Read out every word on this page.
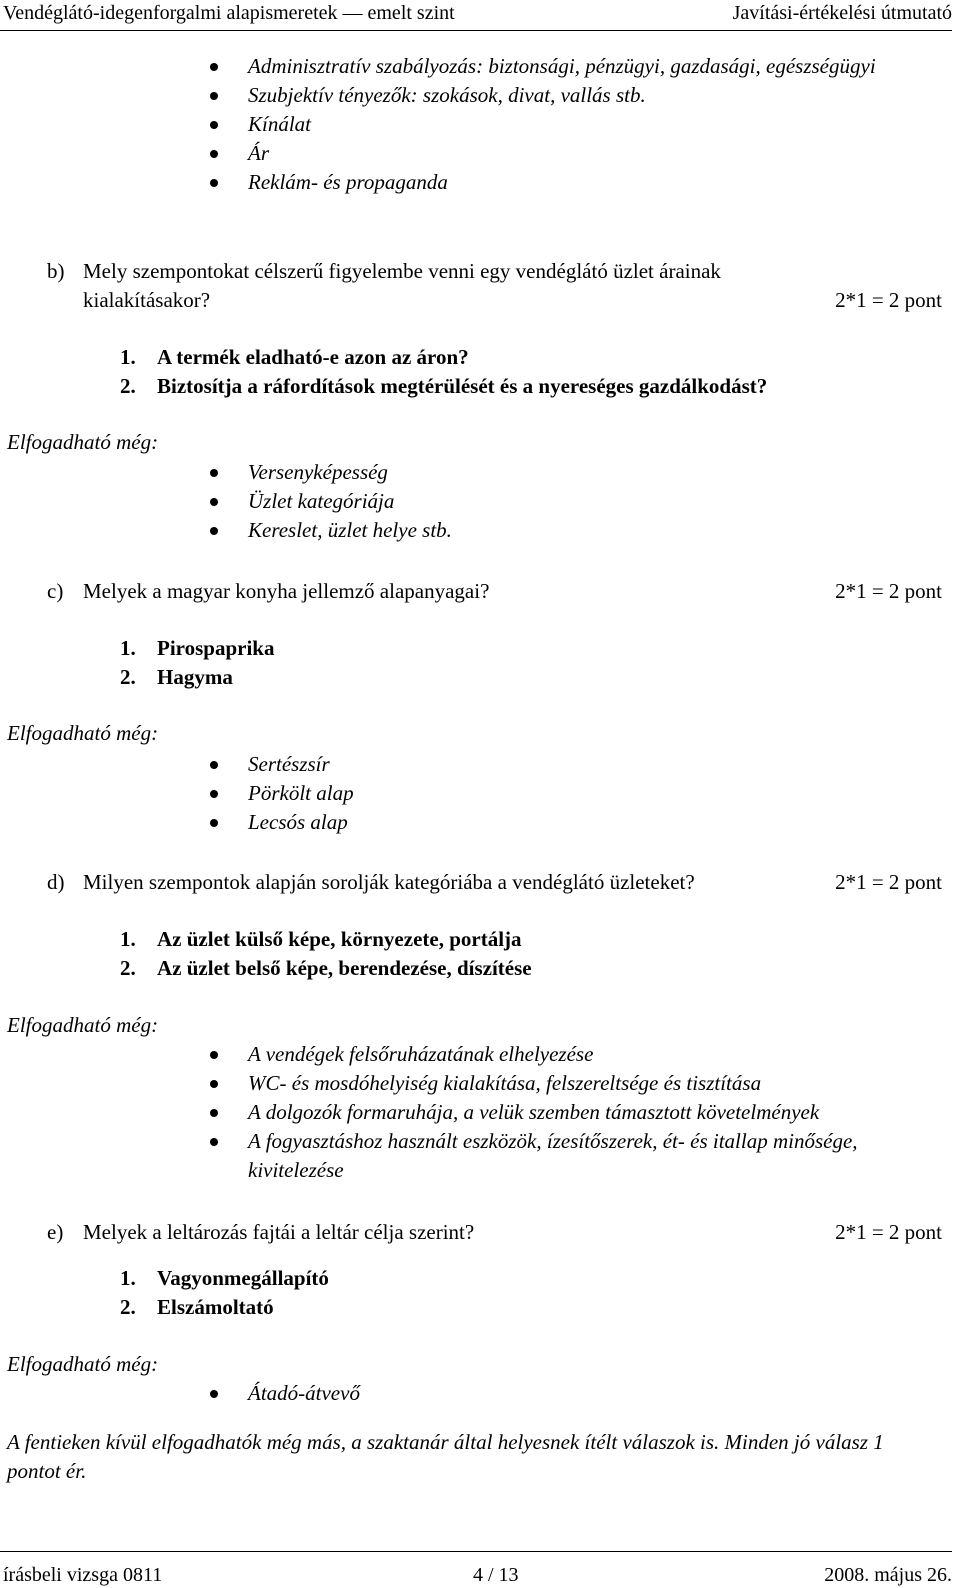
Vendéglátó-idegenforgalmi alapismeretek — emelt szint	Javítási-értékelési útmutató
Adminisztratív szabályozás: biztonsági, pénzügyi, gazdasági, egészségügyi
Szubjektív tényezők: szokások, divat, vallás stb.
Kínálat
Ár
Reklám- és propaganda
b) Mely szempontokat célszerű figyelembe venni egy vendéglátó üzlet árainak
kialakításakor?	2*1 = 2 pont
1.	A termék eladható-e azon az áron?
2.	Biztosítja a ráfordítások megtérülését és a nyereséges gazdálkodást?
Elfogadható még:
Versenyképesség
Üzlet kategóriája
Kereslet, üzlet helye stb.
c) Melyek a magyar konyha jellemző alapanyagai?	2*1 = 2 pont
1.	Pirospaprika
2.	Hagyma
Elfogadható még:
Sertészsír
Pörkölt alap
Lecsós alap
d) Milyen szempontok alapján sorolják kategóriába a vendéglátó üzleteket?	2*1 = 2 pont
1.	Az üzlet külső képe, környezete, portálja
2.	Az üzlet belső képe, berendezése, díszítése
Elfogadható még:
A vendégek felsőruházatának elhelyezése
WC- és mosdóhelyiség kialakítása, felszereltsége és tisztítása
A dolgozók formaruhája, a velük szemben támasztott követelmények
A fogyasztáshoz használt eszközök, ízesítőszerek, ét- és itallap minősége, kivitelezése
e) Melyek a leltározás fajtái a leltár célja szerint?	2*1 = 2 pont
1.	Vagyonmegállapító
2.	Elszámoltató
Elfogadható még:
Átadó-átvevő
A fentieken kívül elfogadhatók még más, a szaktanár által helyesnek ítélt válaszok is. Minden jó válasz 1 pontot ér.
írásbeli vizsga 0811	4 / 13	2008. május 26.
